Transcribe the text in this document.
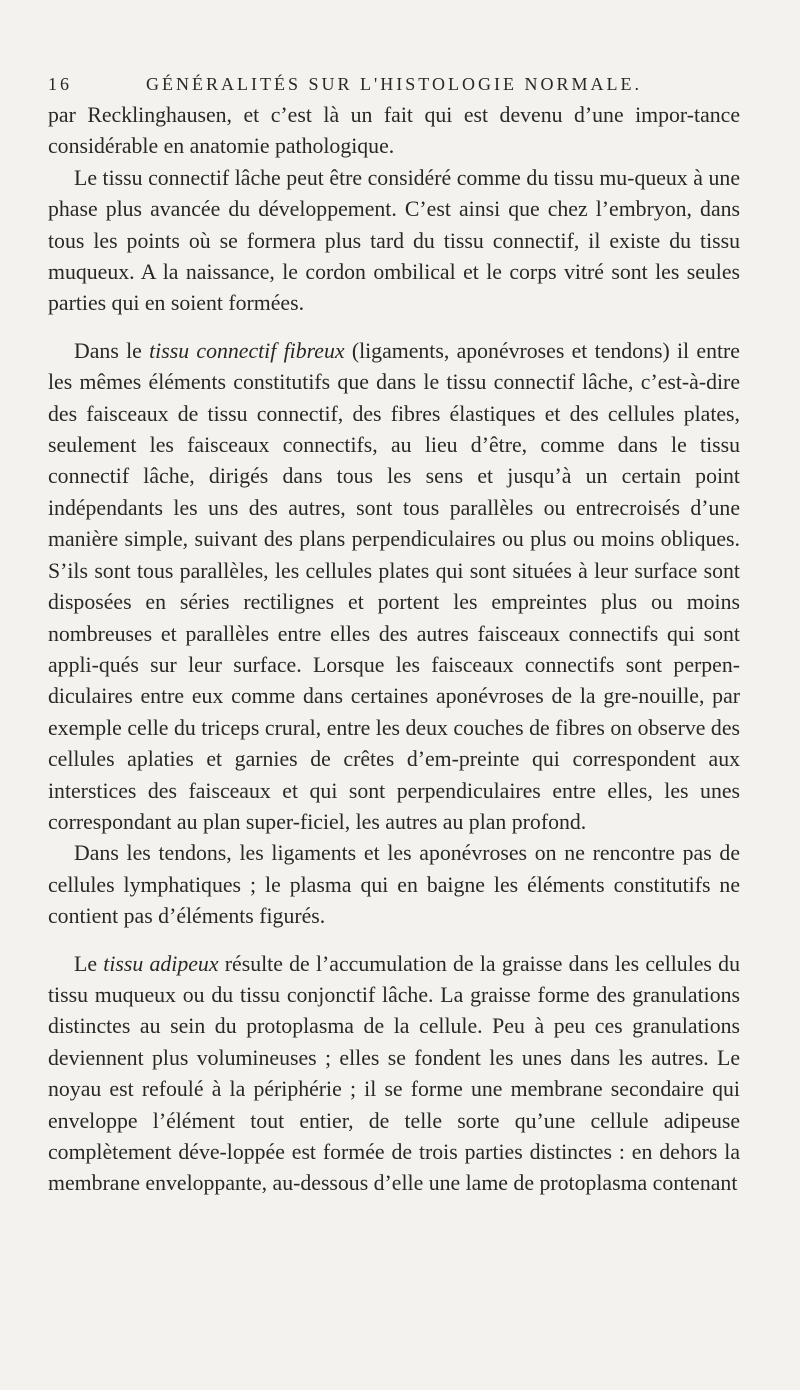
16	GÉNÉRALITÉS SUR L'HISTOLOGIE NORMALE.

par Recklinghausen, et c’est là un fait qui est devenu d’une impor-tance considérable en anatomie pathologique.

Le tissu connectif lâche peut être considéré comme du tissu mu-queux à une phase plus avancée du développement. C’est ainsi que chez l’embryon, dans tous les points où se formera plus tard du tissu connectif, il existe du tissu muqueux. A la naissance, le cordon ombilical et le corps vitré sont les seules parties qui en soient formées.

Dans le tissu connectif fibreux (ligaments, aponévroses et tendons) il entre les mêmes éléments constitutifs que dans le tissu connectif lâche, c’est-à-dire des faisceaux de tissu connectif, des fibres élastiques et des cellules plates, seulement les faisceaux connectifs, au lieu d’être, comme dans le tissu connectif lâche, dirigés dans tous les sens et jusqu’à un certain point indépendants les uns des autres, sont tous parallèles ou entrecroisés d’une manière simple, suivant des plans perpendiculaires ou plus ou moins obliques. S’ils sont tous parallèles, les cellules plates qui sont situées à leur surface sont disposées en séries rectilignes et portent les empreintes plus ou moins nombreuses et parallèles entre elles des autres faisceaux connectifs qui sont appli-qués sur leur surface. Lorsque les faisceaux connectifs sont perpen-diculaires entre eux comme dans certaines aponévroses de la gre-nouille, par exemple celle du triceps crural, entre les deux couches de fibres on observe des cellules aplaties et garnies de crêtes d’em-preinte qui correspondent aux interstices des faisceaux et qui sont perpendiculaires entre elles, les unes correspondant au plan super-ficiel, les autres au plan profond.

Dans les tendons, les ligaments et les aponévroses on ne rencontre pas de cellules lymphatiques ; le plasma qui en baigne les éléments constitutifs ne contient pas d’éléments figurés.

Le tissu adipeux résulte de l’accumulation de la graisse dans les cellules du tissu muqueux ou du tissu conjonctif lâche. La graisse forme des granulations distinctes au sein du protoplasma de la cellule. Peu à peu ces granulations deviennent plus volumineuses ; elles se fondent les unes dans les autres. Le noyau est refoulé à la périphérie ; il se forme une membrane secondaire qui enveloppe l’élément tout entier, de telle sorte qu’une cellule adipeuse complètement déve-loppée est formée de trois parties distinctes : en dehors la membrane enveloppante, au-dessous d’elle une lame de protoplasma contenant
